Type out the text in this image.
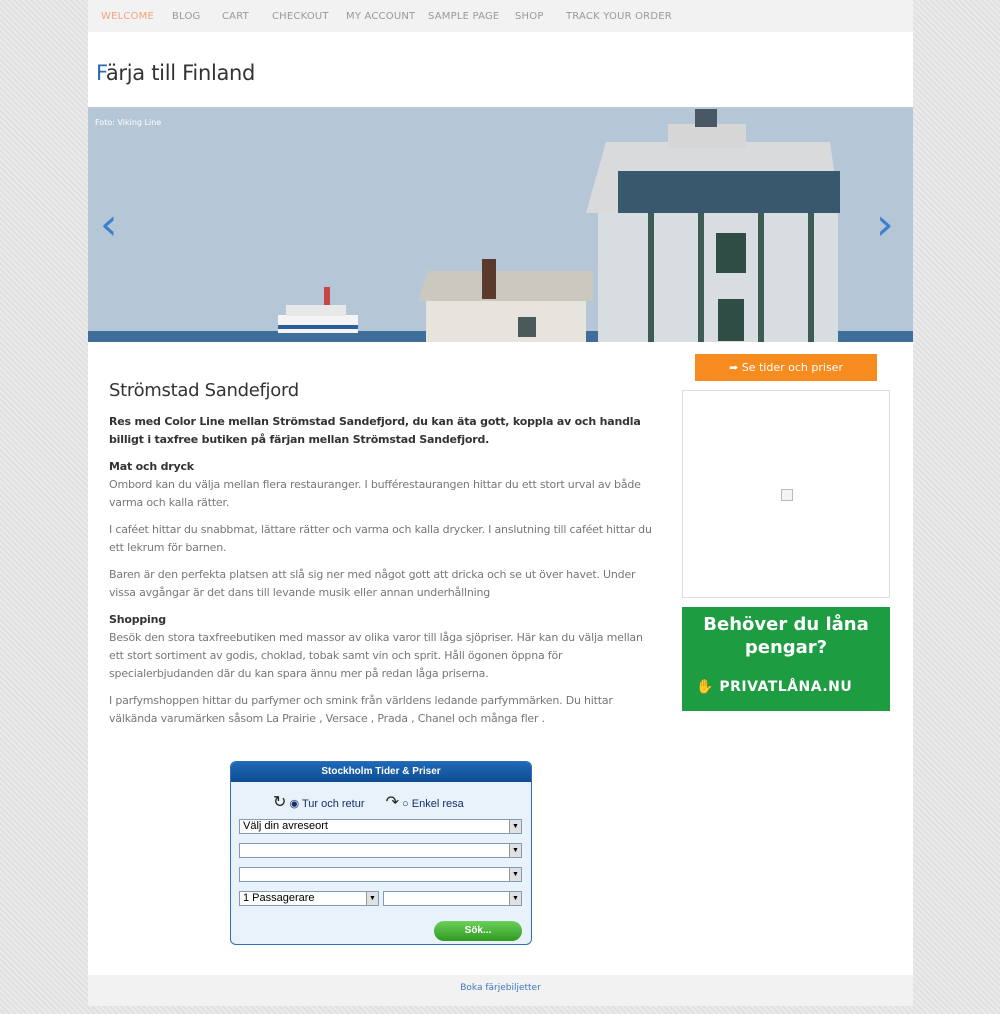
WELCOME BLOG CART CHECKOUT MY ACCOUNT SAMPLE PAGE SHOP TRACK YOUR ORDER
Färja till Finland
Foto: Viking Line
‹	›
Strömstad Sandefjord

Res med Color Line mellan Strömstad Sandefjord, du kan äta gott, koppla av och handla billigt i taxfree butiken på färjan mellan Strömstad Sandefjord.

Mat och dryck
Ombord kan du välja mellan flera restauranger. I bufférestaurangen hittar du ett stort urval av både varma och kalla rätter.

I caféet hittar du snabbmat, lättare rätter och varma och kalla drycker. I anslutning till caféet hittar du ett lekrum för barnen.

Baren är den perfekta platsen att slå sig ner med något gott att dricka och se ut över havet. Under vissa avgångar är det dans till levande musik eller annan underhållning

Shopping
Besök den stora taxfreebutiken med massor av olika varor till låga sjöpriser. Här kan du välja mellan ett stort sortiment av godis, choklad, tobak samt vin och sprit. Håll ögonen öppna för specialerbjudanden där du kan spara ännu mer på redan låga priserna.

I parfymshoppen hittar du parfymer och smink från världens ledande parfymmärken. Du hittar välkända varumärken såsom La Prairie , Versace , Prada , Chanel och många fler .

Stockholm Tider & Priser
↻ ◉ Tur och retur ↷ ○ Enkel resa
Välj din avreseort	▼
▼
▼
1 Passagerare	▼	▼
Sök...
➦ Se tider och priser
Behöver du låna pengar?
✋ PRIVATLÅNA.NU
Boka färjebiljetter
